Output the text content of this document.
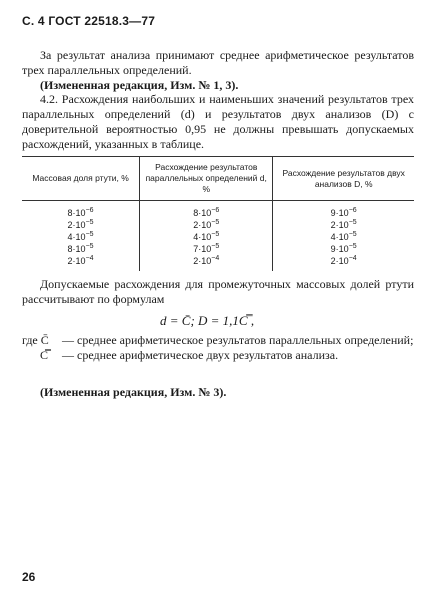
С. 4 ГОСТ 22518.3—77
За результат анализа принимают среднее арифметическое результатов трех параллельных определений.
(Измененная редакция, Изм. № 1, 3).
4.2. Расхождения наибольших и наименьших значений результатов трех параллельных определений (d) и результатов двух анализов (D) с доверительной вероятностью 0,95 не должны превышать допускаемых расхождений, указанных в таблице.
Массовая доля ртути, %	Расхождение результатов параллельных определений d, %	Расхождение результатов двух анализов D, %
$8\cdot 10^{-6}$	$8\cdot 10^{-6}$	$9\cdot 10^{-6}$
$2\cdot 10^{-5}$	$2\cdot 10^{-5}$	$2\cdot 10^{-5}$
$4\cdot 10^{-5}$	$4\cdot 10^{-5}$	$4\cdot 10^{-5}$
$8\cdot 10^{-5}$	$7\cdot 10^{-5}$	$9\cdot 10^{-5}$
$2\cdot 10^{-4}$	$2\cdot 10^{-4}$	$2\cdot 10^{-4}$
Допускаемые расхождения для промежуточных массовых долей ртути рассчитывают по формулам
d = C̄; D = 1,1C̿ ,
где C̄	— среднее арифметическое результатов параллельных определений;
C̿	— среднее арифметическое двух результатов анализа.
(Измененная редакция, Изм. № 3).
26
